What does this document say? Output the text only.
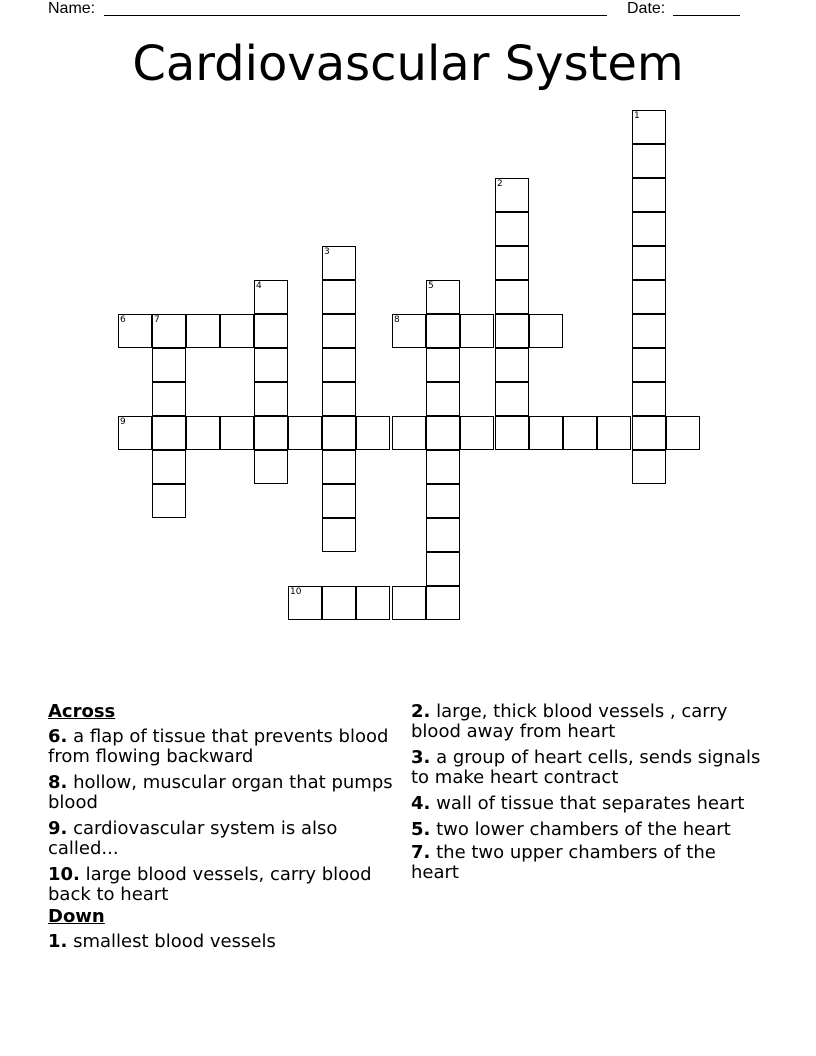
Name:	Date:
Cardiovascular System
1
2
3
4	5
6	7	8
9
10
Across
6. a flap of tissue that prevents blood from flowing backward
8. hollow, muscular organ that pumps blood
9. cardiovascular system is also called...
10. large blood vessels, carry blood back to heart
Down
1. smallest blood vessels
2. large, thick blood vessels , carry blood away from heart
3. a group of heart cells, sends signals to make heart contract
4. wall of tissue that separates heart
5. two lower chambers of the heart
7. the two upper chambers of the heart
